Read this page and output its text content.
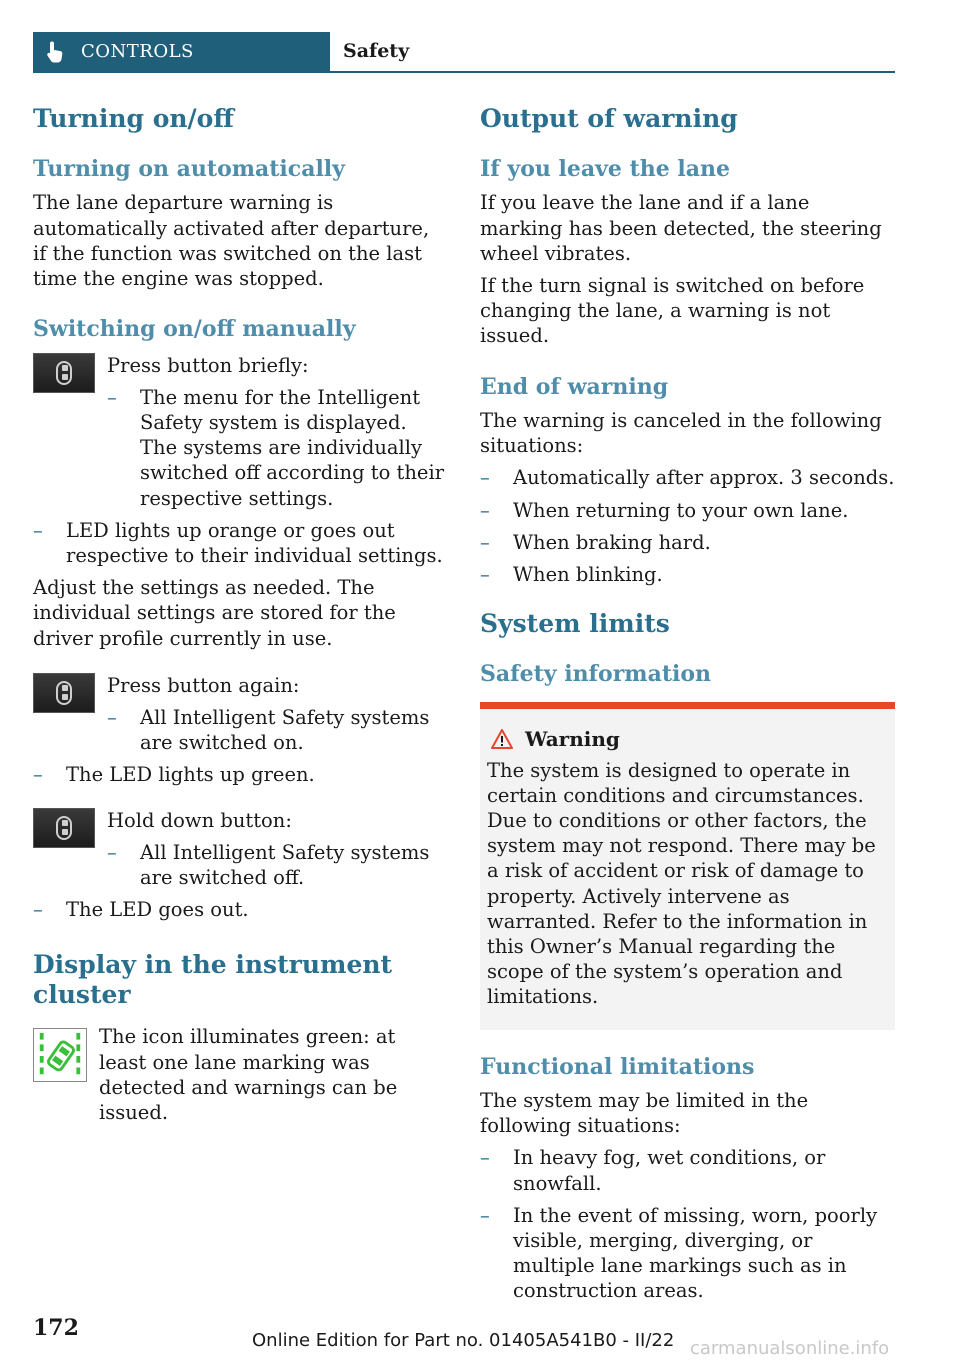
CONTROLS	Safety
Turning on/off
Turning on automatically

The lane departure warning is automatically activated after departure, if the function was switched on the last time the engine was stopped.

Switching on/off manually

Press button briefly:

– The menu for the Intelligent Safety system is displayed. The systems are individually switched off according to their respective settings.
– LED lights up orange or goes out respective to their individual settings.

Adjust the settings as needed. The individual settings are stored for the driver profile currently in use.

Press button again:

– All Intelligent Safety systems are switched on.
– The LED lights up green.

Hold down button:

– All Intelligent Safety systems are switched off.
– The LED goes out.
Display in the instrument cluster

The icon illuminates green: at least one lane marking was detected and warnings can be issued.

Output of warning
If you leave the lane

If you leave the lane and if a lane marking has been detected, the steering wheel vibrates.

If the turn signal is switched on before changing the lane, a warning is not issued.

End of warning

The warning is canceled in the following situations:

– Automatically after approx. 3 seconds.
– When returning to your own lane.
– When braking hard.
– When blinking.
System limits
Safety information
Warning

The system is designed to operate in certain conditions and circumstances. Due to conditions or other factors, the system may not respond. There may be a risk of accident or risk of damage to property. Actively intervene as warranted. Refer to the information in this Owner’s Manual regarding the scope of the system’s operation and limitations.

Functional limitations

The system may be limited in the following situations:

– In heavy fog, wet conditions, or snowfall.
– In the event of missing, worn, poorly visible, merging, diverging, or multiple lane markings such as in construction areas.
172	Online Edition for Part no. 01405A541B0 - II/22 carmanualsonline.info
